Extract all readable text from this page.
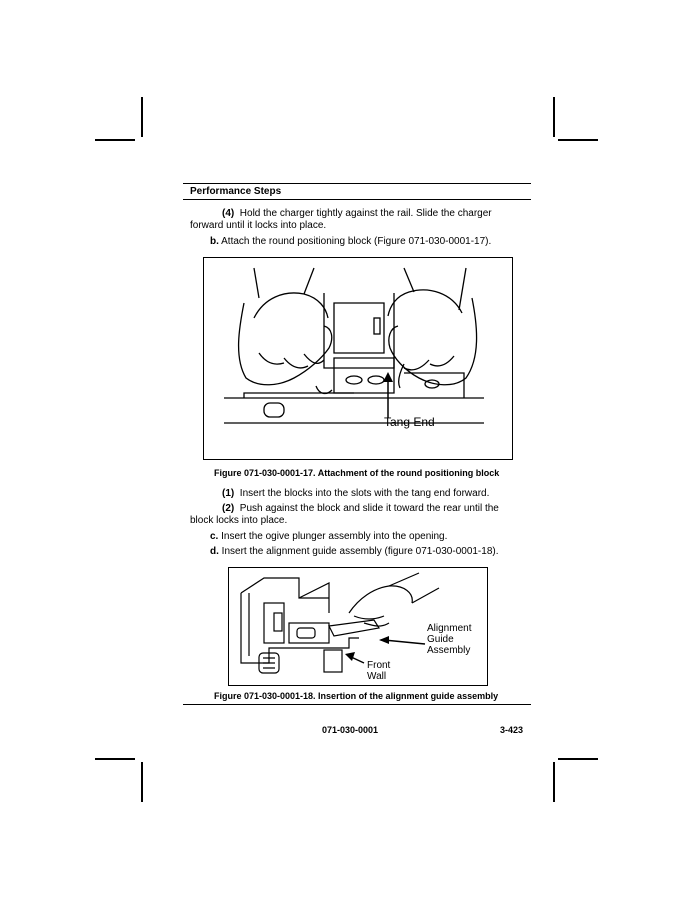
Performance Steps
(4) Hold the charger tightly against the rail. Slide the charger
forward until it locks into place.
b. Attach the round positioning block (Figure 071-030-0001-17).
Tang End
Figure 071-030-0001-17. Attachment of the round positioning block
(1) Insert the blocks into the slots with the tang end forward.
(2) Push against the block and slide it toward the rear until the
block locks into place.
c. Insert the ogive plunger assembly into the opening.
d. Insert the alignment guide assembly (figure 071-030-0001-18).
Alignment
Guide
Assembly
Front
Wall
Figure 071-030-0001-18. Insertion of the alignment guide assembly
071-030-0001	3-423
